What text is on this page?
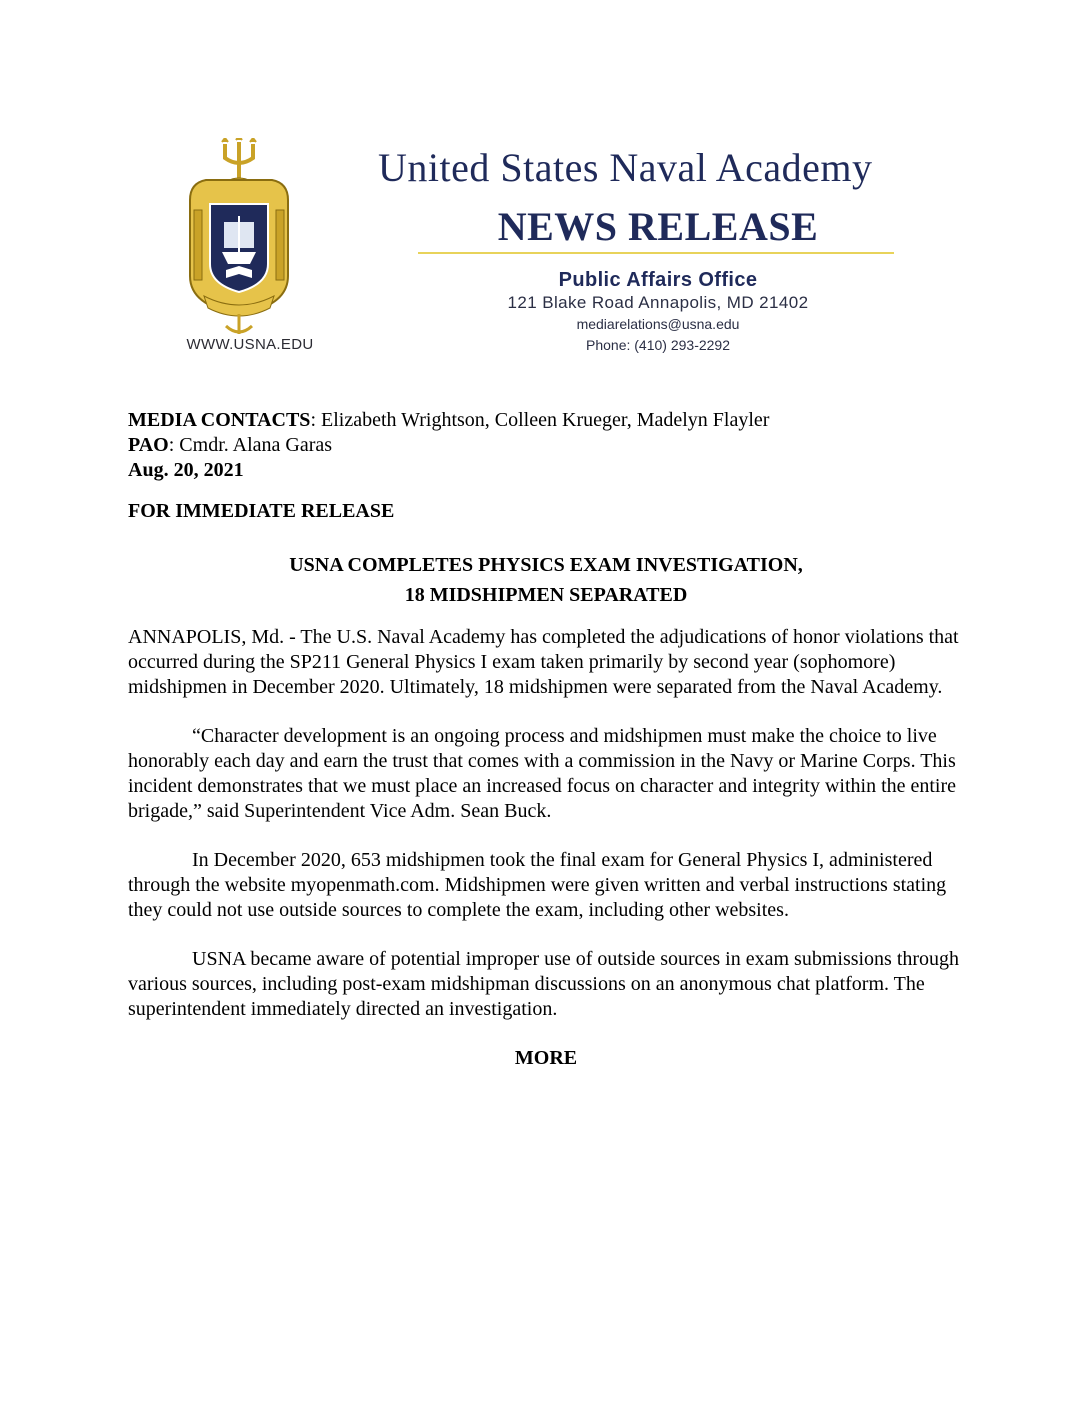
WWW.USNA.EDU
United States Naval Academy
NEWS RELEASE
Public Affairs Office
121 Blake Road Annapolis, MD 21402
mediarelations@usna.edu
Phone: (410) 293-2292

MEDIA CONTACTS: Elizabeth Wrightson, Colleen Krueger, Madelyn Flayler

PAO: Cmdr. Alana Garas

Aug. 20, 2021

FOR IMMEDIATE RELEASE

USNA COMPLETES PHYSICS EXAM INVESTIGATION,
18 MIDSHIPMEN SEPARATED

ANNAPOLIS, Md. - The U.S. Naval Academy has completed the adjudications of honor violations that occurred during the SP211 General Physics I exam taken primarily by second year (sophomore) midshipmen in December 2020. Ultimately, 18 midshipmen were separated from the Naval Academy.

“Character development is an ongoing process and midshipmen must make the choice to live honorably each day and earn the trust that comes with a commission in the Navy or Marine Corps. This incident demonstrates that we must place an increased focus on character and integrity within the entire brigade,” said Superintendent Vice Adm. Sean Buck.

In December 2020, 653 midshipmen took the final exam for General Physics I, administered through the website myopenmath.com. Midshipmen were given written and verbal instructions stating they could not use outside sources to complete the exam, including other websites.

USNA became aware of potential improper use of outside sources in exam submissions through various sources, including post-exam midshipman discussions on an anonymous chat platform. The superintendent immediately directed an investigation.

MORE
